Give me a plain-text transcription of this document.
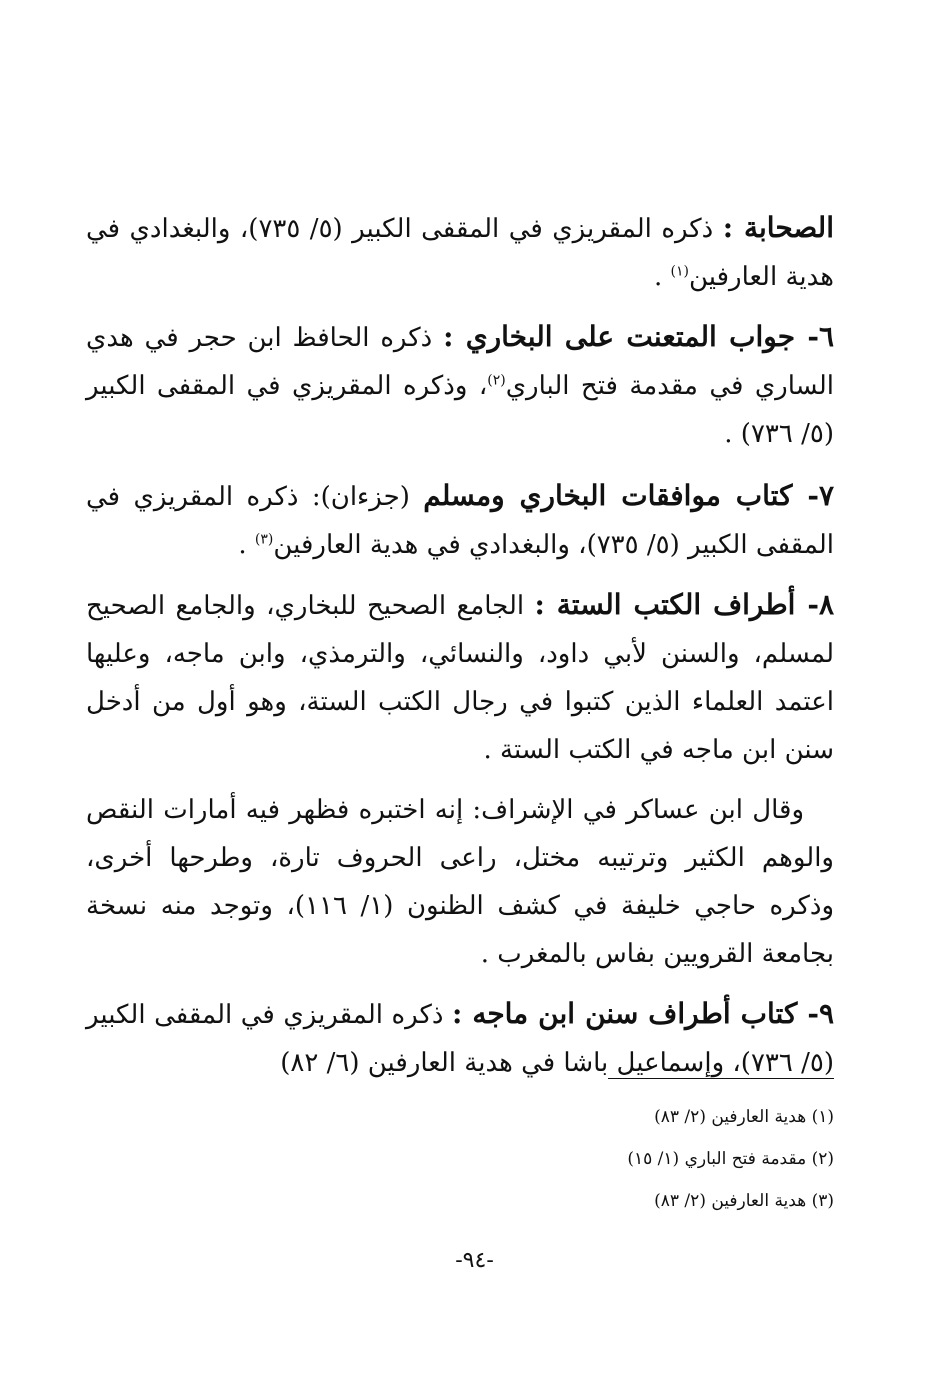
الصحابة : ذكره المقريزي في المقفى الكبير (٥/ ٧٣٥)، والبغدادي في هدية العارفين$^{(١)}$ .

٦- جواب المتعنت على البخاري : ذكره الحافظ ابن حجر في هدي الساري في مقدمة فتح الباري$^{(٢)}$، وذكره المقريزي في المقفى الكبير (٥/ ٧٣٦) .

٧- كتاب موافقات البخاري ومسلم (جزءان): ذكره المقريزي في المقفى الكبير (٥/ ٧٣٥)، والبغدادي في هدية العارفين$^{(٣)}$ .

٨- أطراف الكتب الستة : الجامع الصحيح للبخاري، والجامع الصحيح لمسلم، والسنن لأبي داود، والنسائي، والترمذي، وابن ماجه، وعليها اعتمد العلماء الذين كتبوا في رجال الكتب الستة، وهو أول من أدخل سنن ابن ماجه في الكتب الستة .

وقال ابن عساكر في الإشراف: إنه اختبره فظهر فيه أمارات النقص والوهم الكثير وترتيبه مختل، راعى الحروف تارة، وطرحها أخرى، وذكره حاجي خليفة في كشف الظنون (١/ ١١٦)، وتوجد منه نسخة بجامعة القرويين بفاس بالمغرب .

٩- كتاب أطراف سنن ابن ماجه : ذكره المقريزي في المقفى الكبير (٥/ ٧٣٦)، وإسماعيل باشا في هدية العارفين (٦/ ٨٢)

(١) هدية العارفين (٢/ ٨٣)

(٢) مقدمة فتح الباري (١/ ١٥)

(٣) هدية العارفين (٢/ ٨٣)

-٩٤-
